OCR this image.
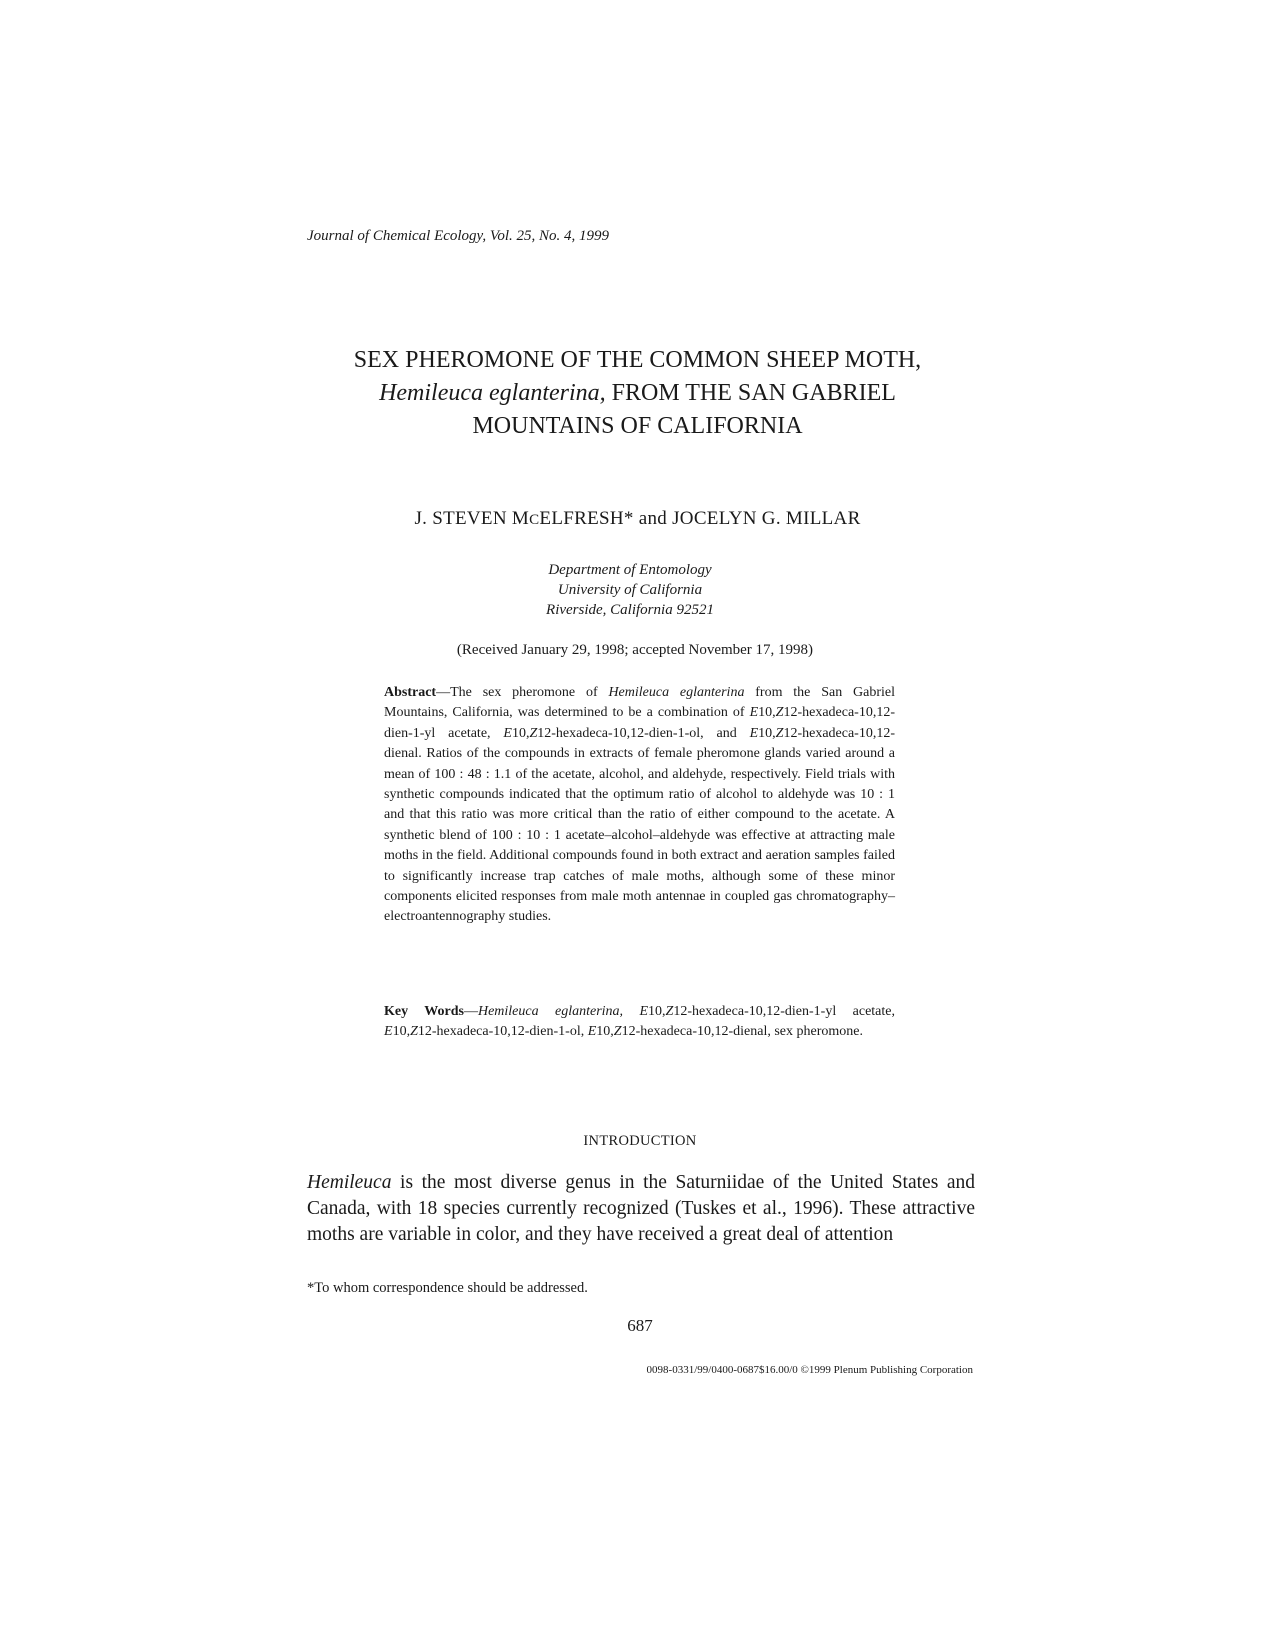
Journal of Chemical Ecology, Vol. 25, No. 4, 1999
SEX PHEROMONE OF THE COMMON SHEEP MOTH,
Hemileuca eglanterina, FROM THE SAN GABRIEL
MOUNTAINS OF CALIFORNIA
J. STEVEN MCELFRESH* and JOCELYN G. MILLAR
Department of Entomology
University of California
Riverside, California 92521
(Received January 29, 1998; accepted November 17, 1998)
Abstract—The sex pheromone of Hemileuca eglanterina from the San Gabriel Mountains, California, was determined to be a combination of E10,Z12-hexadeca-10,12-dien-1-yl acetate, E10,Z12-hexadeca-10,12-dien-1-ol, and E10,Z12-hexadeca-10,12-dienal. Ratios of the compounds in extracts of female pheromone glands varied around a mean of 100 : 48 : 1.1 of the acetate, alcohol, and aldehyde, respectively. Field trials with synthetic compounds indicated that the optimum ratio of alcohol to aldehyde was 10 : 1 and that this ratio was more critical than the ratio of either compound to the acetate. A synthetic blend of 100 : 10 : 1 acetate–alcohol–aldehyde was effective at attracting male moths in the field. Additional compounds found in both extract and aeration samples failed to significantly increase trap catches of male moths, although some of these minor components elicited responses from male moth antennae in coupled gas chromatography–electroantennography studies.
Key Words—Hemileuca eglanterina, E10,Z12-hexadeca-10,12-dien-1-yl acetate, E10,Z12-hexadeca-10,12-dien-1-ol, E10,Z12-hexadeca-10,12-dienal, sex pheromone.
INTRODUCTION
Hemileuca is the most diverse genus in the Saturniidae of the United States and Canada, with 18 species currently recognized (Tuskes et al., 1996). These attractive moths are variable in color, and they have received a great deal of attention
*To whom correspondence should be addressed.
687
0098-0331/99/0400-0687$16.00/0 ©1999 Plenum Publishing Corporation
